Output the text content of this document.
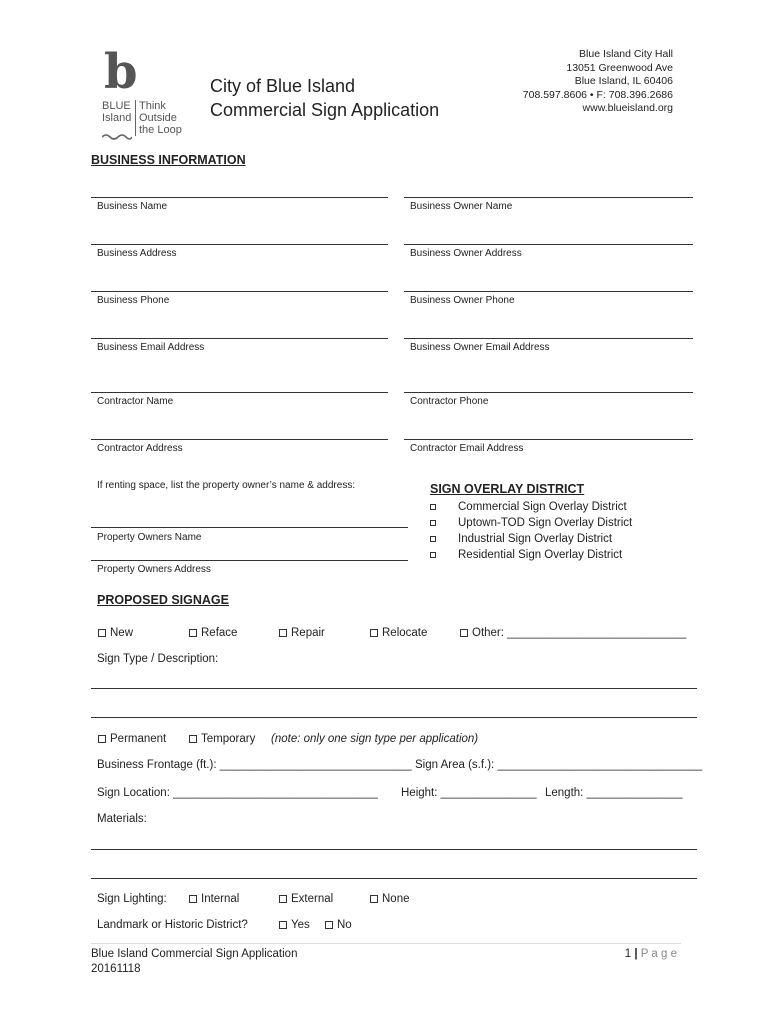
b
BLUE
Island
Think
Outside
the Loop
City of Blue Island
Commercial Sign Application
Blue Island City Hall
13051 Greenwood Ave
Blue Island, IL 60406
708.597.8606 • F: 708.396.2686
www.blueisland.org
BUSINESS INFORMATION
Business Name	Business Owner Name
Business Address	Business Owner Address
Business Phone	Business Owner Phone
Business Email Address	Business Owner Email Address
Contractor Name	Contractor Phone
Contractor Address	Contractor Email Address
If renting space, list the property owner’s name & address:
Property Owners Name
Property Owners Address
SIGN OVERLAY DISTRICT
Commercial Sign Overlay District
Uptown-TOD Sign Overlay District
Industrial Sign Overlay District
Residential Sign Overlay District
PROPOSED SIGNAGE
New	Reface	Repair	Relocate	Other: ____________________________
Sign Type / Description:
Permanent	Temporary (note: only one sign type per application)
Business Frontage (ft.): ______________________________ Sign Area (s.f.): ________________________________
Sign Location: ________________________________ Height: _______________ Length: _______________
Materials:
Sign Lighting:	Internal	External	None
Landmark or Historic District?	Yes	No
Blue Island Commercial Sign Application
20161118
1 | P a g e
